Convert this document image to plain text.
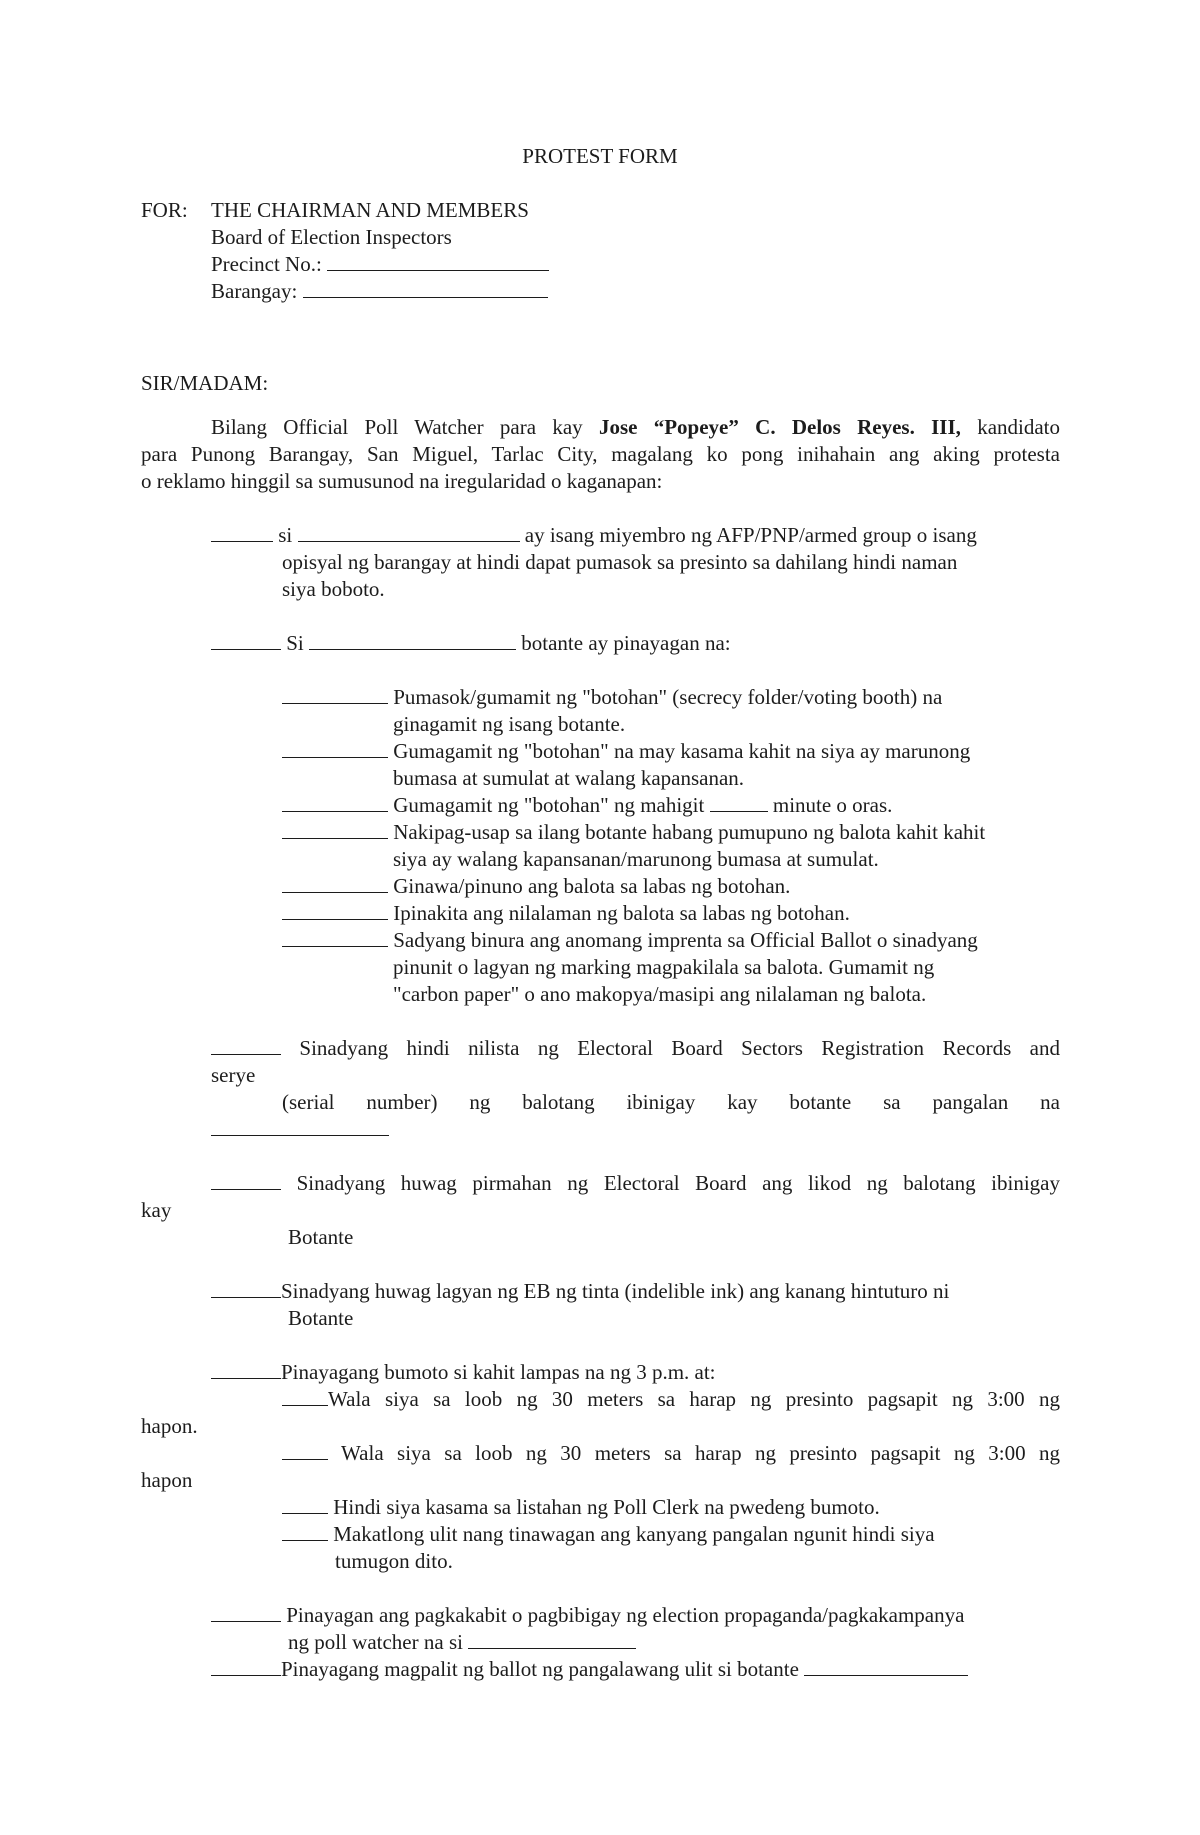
PROTEST FORM
FOR: THE CHAIRMAN AND MEMBERS
Board of Election Inspectors
Precinct No.:
Barangay:
SIR/MADAM:
Bilang Official Poll Watcher para kay Jose “Popeye” C. Delos Reyes. III, kandidato
para Punong Barangay, San Miguel, Tarlac City, magalang ko pong inihahain ang aking protesta
o reklamo hinggil sa sumusunod na iregularidad o kaganapan:
si	ay isang miyembro ng AFP/PNP/armed group o isang
opisyal ng barangay at hindi dapat pumasok sa presinto sa dahilang hindi naman
siya boboto.
Si	botante ay pinayagan na:
Pumasok/gumamit ng "botohan" (secrecy folder/voting booth) na
ginagamit ng isang botante.
Gumagamit ng "botohan" na may kasama kahit na siya ay marunong
bumasa at sumulat at walang kapansanan.
Gumagamit ng "botohan" ng mahigit	minute o oras.
Nakipag-usap sa ilang botante habang pumupuno ng balota kahit kahit
siya ay walang kapansanan/marunong bumasa at sumulat.
Ginawa/pinuno ang balota sa labas ng botohan.
Ipinakita ang nilalaman ng balota sa labas ng botohan.
Sadyang binura ang anomang imprenta sa Official Ballot o sinadyang
pinunit o lagyan ng marking magpakilala sa balota. Gumamit ng
"carbon paper" o ano makopya/masipi ang nilalaman ng balota.
Sinadyang hindi nilista ng Electoral Board Sectors Registration Records and
serye
(serial number) ng balotang ibinigay kay botante sa pangalan na
Sinadyang huwag pirmahan ng Electoral Board ang likod ng balotang ibinigay
kay
Botante
Sinadyang huwag lagyan ng EB ng tinta (indelible ink) ang kanang hintuturo ni
Botante
Pinayagang bumoto si kahit lampas na ng 3 p.m. at:
Wala siya sa loob ng 30 meters sa harap ng presinto pagsapit ng 3:00 ng
hapon.
Wala siya sa loob ng 30 meters sa harap ng presinto pagsapit ng 3:00 ng
hapon
Hindi siya kasama sa listahan ng Poll Clerk na pwedeng bumoto.
Makatlong ulit nang tinawagan ang kanyang pangalan ngunit hindi siya
tumugon dito.
Pinayagan ang pagkakabit o pagbibigay ng election propaganda/pagkakampanya
ng poll watcher na si
Pinayagang magpalit ng ballot ng pangalawang ulit si botante
